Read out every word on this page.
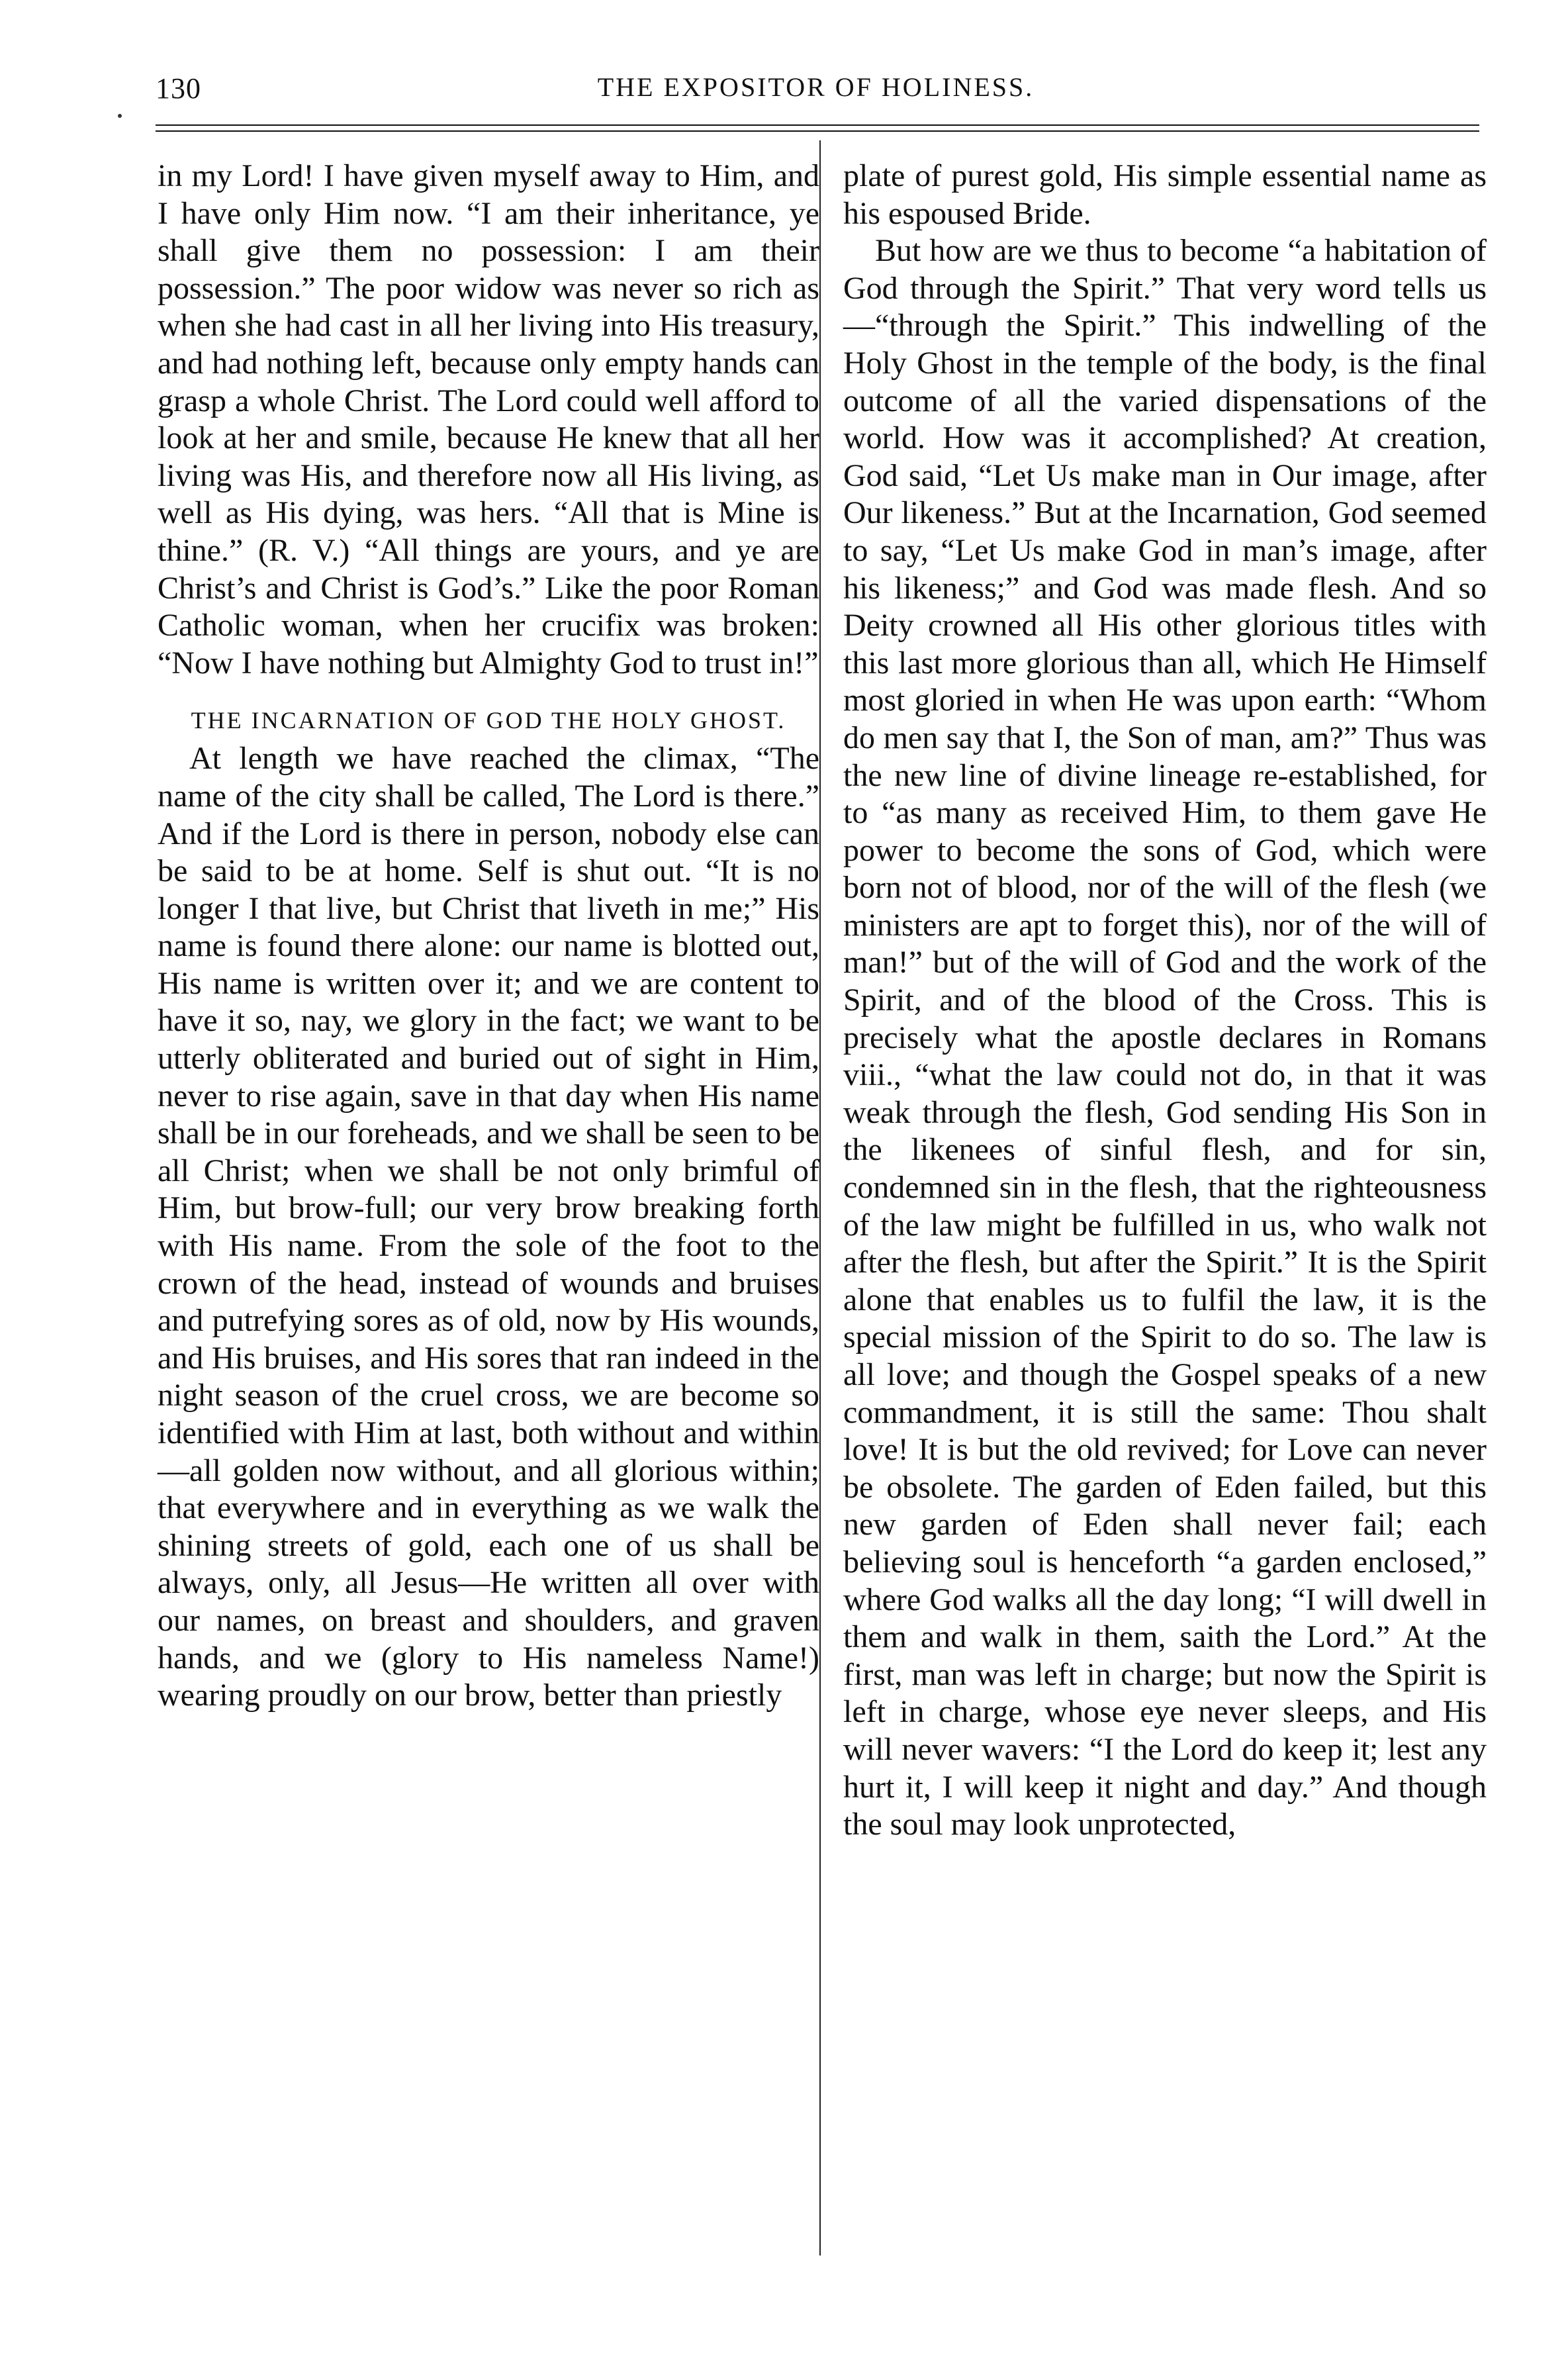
130	THE EXPOSITOR OF HOLINESS.

in my Lord! I have given myself away to Him, and I have only Him now. “I am their inheritance, ye shall give them no possession: I am their possession.” The poor widow was never so rich as when she had cast in all her living into His treasury, and had nothing left, because only empty hands can grasp a whole Christ. The Lord could well afford to look at her and smile, because He knew that all her living was His, and therefore now all His living, as well as His dying, was hers. “All that is Mine is thine.” (R. V.) “All things are yours, and ye are Christ’s and Christ is God’s.” Like the poor Roman Catholic woman, when her crucifix was broken: “Now I have nothing but Almighty God to trust in!”

THE INCARNATION OF GOD THE HOLY GHOST.

At length we have reached the climax, “The name of the city shall be called, The Lord is there.” And if the Lord is there in person, nobody else can be said to be at home. Self is shut out. “It is no longer I that live, but Christ that liveth in me;” His name is found there alone: our name is blotted out, His name is written over it; and we are content to have it so, nay, we glory in the fact; we want to be utterly obliterated and buried out of sight in Him, never to rise again, save in that day when His name shall be in our foreheads, and we shall be seen to be all Christ; when we shall be not only brimful of Him, but brow-full; our very brow breaking forth with His name. From the sole of the foot to the crown of the head, instead of wounds and bruises and putrefying sores as of old, now by His wounds, and His bruises, and His sores that ran indeed in the night season of the cruel cross, we are become so identified with Him at last, both without and within—all golden now without, and all glorious within; that everywhere and in everything as we walk the shining streets of gold, each one of us shall be always, only, all Jesus—He written all over with our names, on breast and shoulders, and graven hands, and we (glory to His nameless Name!) wearing proudly on our brow, better than priestly

plate of purest gold, His simple essential name as his espoused Bride.

But how are we thus to become “a habitation of God through the Spirit.” That very word tells us—“through the Spirit.” This indwelling of the Holy Ghost in the temple of the body, is the final outcome of all the varied dispensations of the world. How was it accomplished? At creation, God said, “Let Us make man in Our image, after Our likeness.” But at the Incarnation, God seemed to say, “Let Us make God in man’s image, after his likeness;” and God was made flesh. And so Deity crowned all His other glorious titles with this last more glorious than all, which He Himself most gloried in when He was upon earth: “Whom do men say that I, the Son of man, am?” Thus was the new line of divine lineage re-established, for to “as many as received Him, to them gave He power to become the sons of God, which were born not of blood, nor of the will of the flesh (we ministers are apt to forget this), nor of the will of man!” but of the will of God and the work of the Spirit, and of the blood of the Cross. This is precisely what the apostle declares in Romans viii., “what the law could not do, in that it was weak through the flesh, God sending His Son in the likenees of sinful flesh, and for sin, condemned sin in the flesh, that the righteousness of the law might be fulfilled in us, who walk not after the flesh, but after the Spirit.” It is the Spirit alone that enables us to fulfil the law, it is the special mission of the Spirit to do so. The law is all love; and though the Gospel speaks of a new commandment, it is still the same: Thou shalt love! It is but the old revived; for Love can never be obsolete. The garden of Eden failed, but this new garden of Eden shall never fail; each believing soul is henceforth “a garden enclosed,” where God walks all the day long; “I will dwell in them and walk in them, saith the Lord.” At the first, man was left in charge; but now the Spirit is left in charge, whose eye never sleeps, and His will never wavers: “I the Lord do keep it; lest any hurt it, I will keep it night and day.” And though the soul may look unprotected,
